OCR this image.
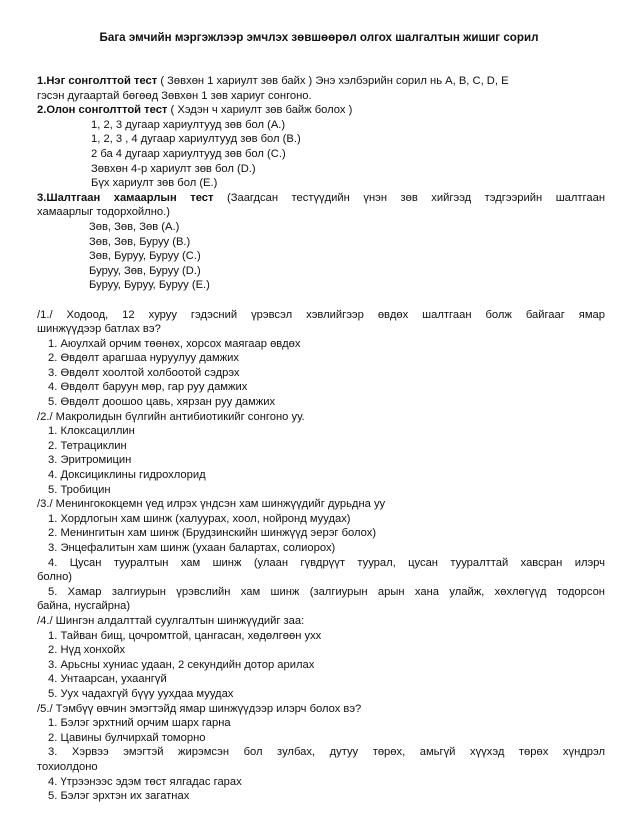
Бага эмчийн мэргэжлээр эмчлэх зөвшөөрөл олгох шалгалтын жишиг сорил
1.Нэг сонголттой тест ( Зөвхөн 1 хариулт зөв байх ) Энэ хэлбэрийн сорил нь A, B, C, D, E
гэсэн дугаартай бөгөөд Зөвхөн 1 зөв хариуг сонгоно.
2.Олон сонголттой тест ( Хэдэн ч хариулт зөв байж болох )
1, 2, 3 дугаар хариултууд зөв бол (A.)
1, 2, 3 , 4 дугаар хариултууд зөв бол (B.)
2 ба 4 дугаар хариултууд зөв бол (C.)
Зөвхөн 4-р хариулт зөв бол (D.)
Бүх хариулт зөв бол (E.)
3.Шалтгаан хамаарлын тест (Заагдсан тестүүдийн үнэн зөв хийгээд тэдгээрийн шалтгаан
хамаарлыг тодорхойлно.)
Зөв, Зөв, Зөв (A.)
Зөв, Зөв, Буруу (B.)
Зөв, Буруу, Буруу (C.)
Буруу, Зөв, Буруу (D.)
Буруу, Буруу, Буруу (E.)
/1./ Ходоод, 12 хуруу гэдэсний үрэвсэл хэвлийгээр өвдөх шалтгаан болж байгааг ямар
шинжүүдээр батлах вэ?
1. Аюулхай орчим төөнөх, хорсох маягаар өвдөх
2. Өвдөлт арагшаа нуруулуу дамжих
3. Өвдөлт хоолтой холбоотой сэдрэх
4. Өвдөлт баруун мөр, гар руу дамжих
5. Өвдөлт доошоо цавь, хярзан руу дамжих
/2./ Макролидын бүлгийн антибиотикийг сонгоно уу.
1. Клоксациллин
2. Тетрациклин
3. Эритромицин
4. Доксициклины гидрохлорид
5. Тробицин
/3./ Менингококцемн үед илрэх үндсэн хам шинжүүдийг дурьдна уу
1. Хордлогын хам шинж (халуурах, хоол, нойронд муудах)
2. Менингитын хам шинж (Брудзинскийн шинжүүд эерэг болох)
3. Энцефалитын хам шинж (ухаан балартах, солиорох)
4. Цусан тууралтын хам шинж (улаан гүвдрүүт туурал, цусан тууралттай хавсран илэрч
болно)
5. Хамар залгиурын үрэвслийн хам шинж (залгиурын арын хана улайж, хөхлөгүүд тодорсон
байна, нусгайрна)
/4./ Шингэн алдалттай суулгалтын шинжүүдийг заа:
1. Тайван бищ, цочромтгой, цангасан, хөдөлгөөн ухх
2. Нүд хонхойх
3. Арьсны хуниас удаан, 2 секундийн дотор арилах
4. Унтаарсан, ухаангүй
5. Уух чадахгүй бүүу уухдаа муудах
/5./ Тэмбүү өвчин эмэгтэйд ямар шинжүүдээр илэрч болох вэ?
1. Бэлэг эрхтний орчим шарх гарна
2. Цавины булчирхай томорно
3. Хэрвээ эмэгтэй жирэмсэн бол зулбах, дутуу төрөх, амьгүй хүүхэд төрөх хүндрэл
тохиолдоно
4. Үтрээнээс эдэм төст ялгадас гарах
5. Бэлэг эрхтэн их загатнах
